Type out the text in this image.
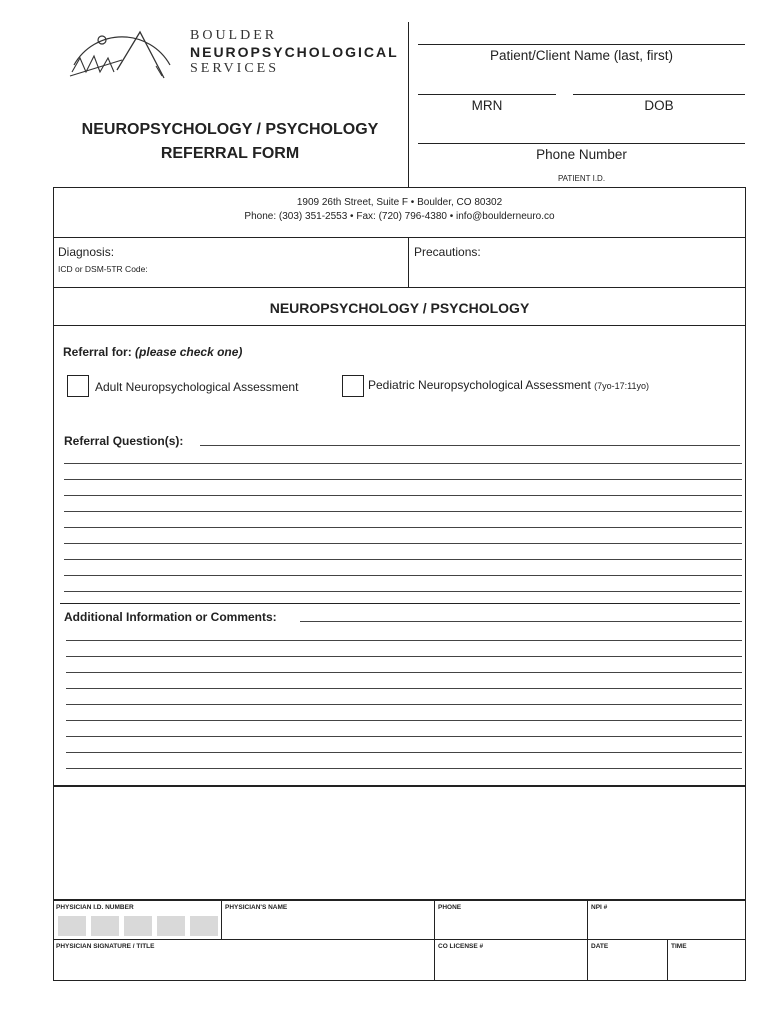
BOULDER
NEUROPSYCHOLOGICAL
SERVICES
NEUROPSYCHOLOGY / PSYCHOLOGY
REFERRAL FORM
Patient/Client Name (last, first)
MRN	DOB
Phone Number
PATIENT I.D.
1909 26th Street, Suite F • Boulder, CO 80302
Phone: (303) 351-2553 • Fax: (720) 796-4380 • info@boulderneuro.co
Diagnosis:
ICD or DSM-5TR Code:
Precautions:
NEUROPSYCHOLOGY / PSYCHOLOGY
Referral for: (please check one)
Adult Neuropsychological Assessment	Pediatric Neuropsychological Assessment (7yo-17:11yo)
Referral Question(s):
Additional Information or Comments:
PHYSICIAN I.D. NUMBER	PHYSICIAN'S NAME	PHONE	NPI #
PHYSICIAN SIGNATURE / TITLE	CO LICENSE #	DATE	TIME
